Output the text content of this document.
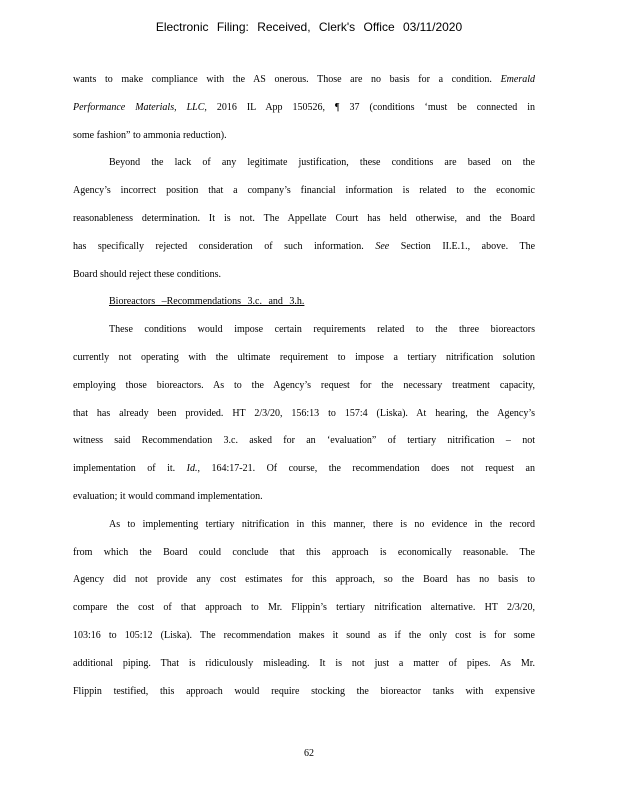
Electronic Filing: Received, Clerk's Office 03/11/2020
wants to make compliance with the AS onerous. Those are no basis for a condition. Emerald
Performance Materials, LLC, 2016 IL App 150526, ¶ 37 (conditions ‘must be connected in
some fashion” to ammonia reduction).
Beyond the lack of any legitimate justification, these conditions are based on the
Agency’s incorrect position that a company’s financial information is related to the economic
reasonableness determination. It is not. The Appellate Court has held otherwise, and the Board
has specifically rejected consideration of such information. See Section II.E.1., above. The
Board should reject these conditions.
Bioreactors –Recommendations 3.c. and 3.h.
These conditions would impose certain requirements related to the three bioreactors
currently not operating with the ultimate requirement to impose a tertiary nitrification solution
employing those bioreactors. As to the Agency’s request for the necessary treatment capacity,
that has already been provided. HT 2/3/20, 156:13 to 157:4 (Liska). At hearing, the Agency’s
witness said Recommendation 3.c. asked for an ‘evaluation” of tertiary nitrification – not
implementation of it. Id., 164:17-21. Of course, the recommendation does not request an
evaluation; it would command implementation.
As to implementing tertiary nitrification in this manner, there is no evidence in the record
from which the Board could conclude that this approach is economically reasonable. The
Agency did not provide any cost estimates for this approach, so the Board has no basis to
compare the cost of that approach to Mr. Flippin’s tertiary nitrification alternative. HT 2/3/20,
103:16 to 105:12 (Liska). The recommendation makes it sound as if the only cost is for some
additional piping. That is ridiculously misleading. It is not just a matter of pipes. As Mr.
Flippin testified, this approach would require stocking the bioreactor tanks with expensive
62
